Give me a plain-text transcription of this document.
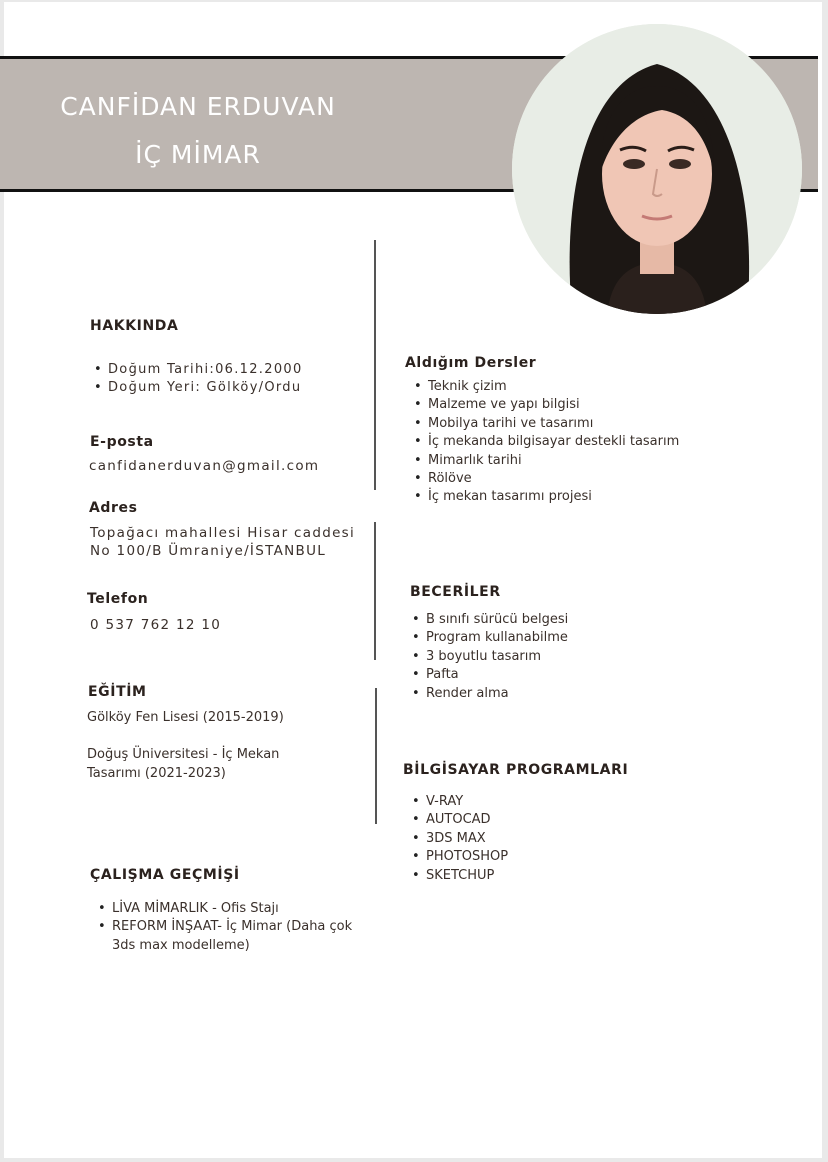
CANFİDAN ERDUVAN
İÇ MİMAR
HAKKINDA
• Doğum Tarihi:06.12.2000
• Doğum Yeri: Gölköy/Ordu
E-posta
canfidanerduvan@gmail.com
Adres
Topağacı mahallesi Hisar caddesi
No 100/B Ümraniye/İSTANBUL
Telefon
0 537 762 12 10
EĞİTİM
Gölköy Fen Lisesi (2015-2019)
Doğuş Üniversitesi - İç Mekan
Tasarımı (2021-2023)
ÇALIŞMA GEÇMİŞİ
• LİVA MİMARLIK - Ofis Stajı
• REFORM İNŞAAT- İç Mimar (Daha çok
3ds max modelleme)
Aldığım Dersler
• Teknik çizim
• Malzeme ve yapı bilgisi
• Mobilya tarihi ve tasarımı
• İç mekanda bilgisayar destekli tasarım
• Mimarlık tarihi
• Rölöve
• İç mekan tasarımı projesi
BECERİLER
• B sınıfı sürücü belgesi
• Program kullanabilme
• 3 boyutlu tasarım
• Pafta
• Render alma
BİLGİSAYAR PROGRAMLARI
• V-RAY
• AUTOCAD
• 3DS MAX
• PHOTOSHOP
• SKETCHUP
